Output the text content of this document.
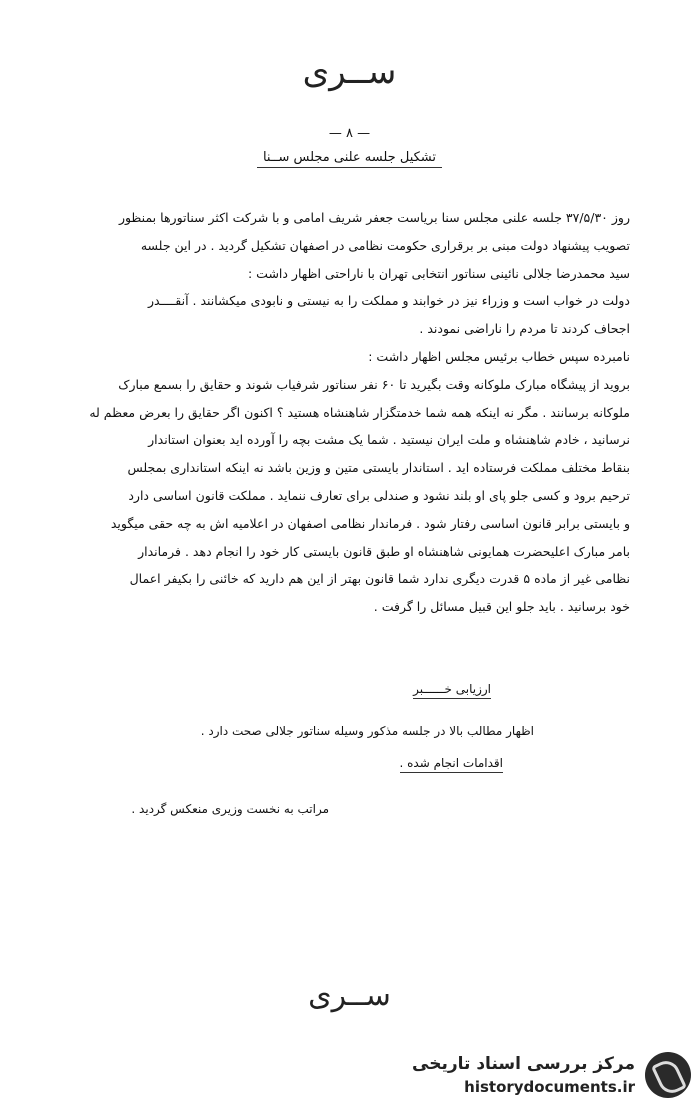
ســری
— ۸ —
تشکیل جلسه علنی مجلس ســنا

روز ۳۷/۵/۳۰ جلسه علنی مجلس سنا بریاست جعفر شریف امامی و با شرکت اکثر سناتورها بمنظور

تصویب پیشنهاد دولت مبنی بر برقراری حکومت نظامی در اصفهان تشکیل گردید . در این جلسه

سید محمدرضا جلالی نائینی سناتور انتخابی تهران با ناراحتی اظهار داشت :

دولت در خواب است و وزراء نیز در خوابند و مملکت را به نیستی و نابودی میکشانند . آنقــــدر

اجحاف کردند تا مردم را ناراضی نمودند .

نامبرده سپس خطاب برئیس مجلس اظهار داشت :

بروید از پیشگاه مبارک ملوکانه وقت بگیرید تا ۶۰ نفر سناتور شرفیاب شوند و حقایق را بسمع مبارک

ملوکانه برسانند . مگر نه اینکه همه شما خدمتگزار شاهنشاه هستید ؟ اکنون اگر حقایق را بعرض معظم له

نرسانید ، خادم شاهنشاه و ملت ایران نیستید . شما یک مشت بچه را آورده اید بعنوان استاندار

بنقاط مختلف مملکت فرستاده اید . استاندار بایستی متین و وزین باشد نه اینکه استانداری بمجلس

ترحیم برود و کسی جلو پای او بلند نشود و صندلی برای تعارف ننماید . مملکت قانون اساسی دارد

و بایستی برابر قانون اساسی رفتار شود . فرماندار نظامی اصفهان در اعلامیه اش به چه حقی میگوید

بامر مبارک اعلیحضرت همایونی شاهنشاه او طبق قانون بایستی کار خود را انجام دهد . فرماندار

نظامی غیر از ماده ۵ قدرت دیگری ندارد شما قانون بهتر از این هم دارید که خائنی را بکیفر اعمال

خود برسانید . باید جلو این قبیل مسائل را گرفت .

ارزیابی خــــــبر
اظهار مطالب بالا در جلسه مذکور وسیله سناتور جلالی صحت دارد .
اقدامات انجام شده .
مراتب به نخست وزیری منعکس گردید .
ســری
مرکز بررسی اسناد تاریخی
historydocuments.ir
